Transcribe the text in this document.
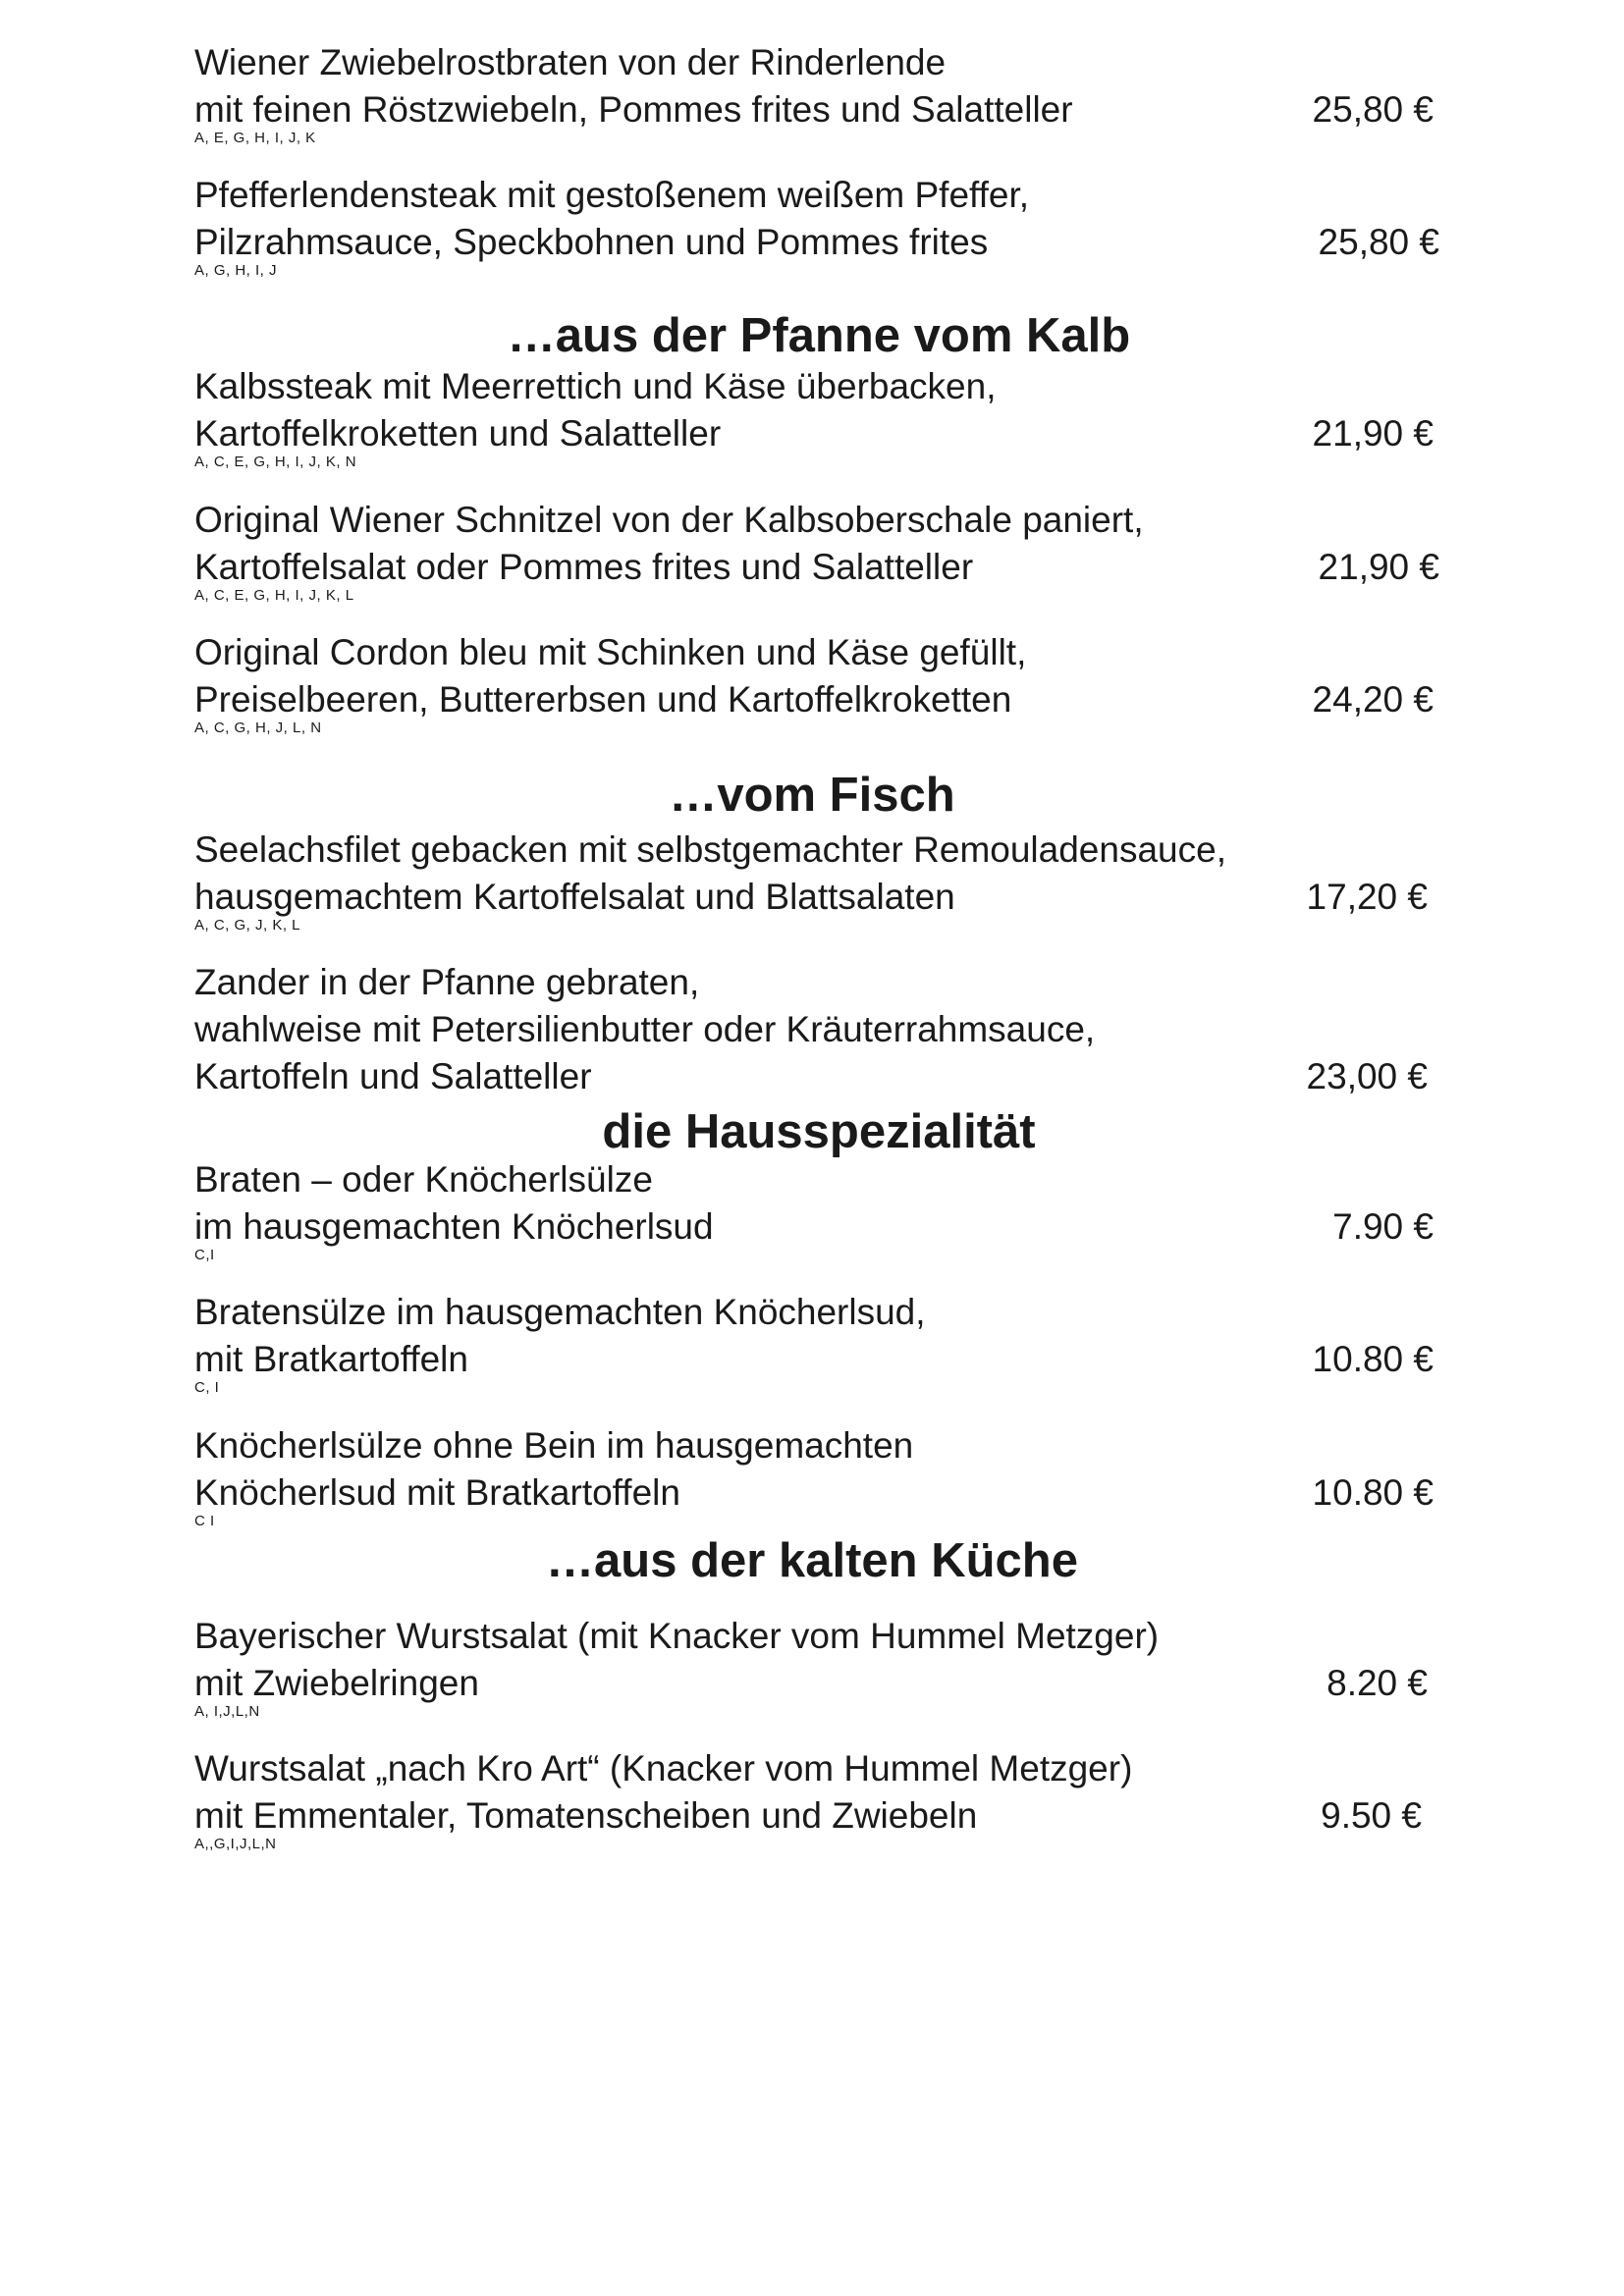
Wiener Zwiebelrostbraten von der Rinderlende
mit feinen Röstzwiebeln, Pommes frites und Salatteller
A, E, G, H, I, J, K
25,80 €
Pfefferlendensteak mit gestoßenem weißem Pfeffer,
Pilzrahmsauce, Speckbohnen und Pommes frites
A, G, H, I, J
25,80 €
…aus der Pfanne vom Kalb
Kalbssteak mit Meerrettich und Käse überbacken,
Kartoffelkroketten und Salatteller
A, C, E, G, H, I, J, K, N
21,90 €
Original Wiener Schnitzel von der Kalbsoberschale paniert,
Kartoffelsalat oder Pommes frites und Salatteller
A, C, E, G, H, I, J, K, L
21,90 €
Original Cordon bleu mit Schinken und Käse gefüllt,
Preiselbeeren, Buttererbsen und Kartoffelkroketten
A, C, G, H, J, L, N
24,20 €
…vom Fisch
Seelachsfilet gebacken mit selbstgemachter Remouladensauce,
hausgemachtem Kartoffelsalat und Blattsalaten
A, C, G, J, K, L
17,20 €
Zander in der Pfanne gebraten,
wahlweise mit Petersilienbutter oder Kräuterrahmsauce,
Kartoffeln und Salatteller	23,00 €
die Hausspezialität
Braten – oder Knöcherlsülze
im hausgemachten Knöcherlsud
C,I
7.90 €
Bratensülze im hausgemachten Knöcherlsud,
mit Bratkartoffeln
C, I
10.80 €
Knöcherlsülze ohne Bein im hausgemachten
Knöcherlsud mit Bratkartoffeln
C I
10.80 €
…aus der kalten Küche
Bayerischer Wurstsalat (mit Knacker vom Hummel Metzger)
mit Zwiebelringen
A, I,J,L,N
8.20 €
Wurstsalat „nach Kro Art“ (Knacker vom Hummel Metzger)
mit Emmentaler, Tomatenscheiben und Zwiebeln
A,,G,I,J,L,N
9.50 €
